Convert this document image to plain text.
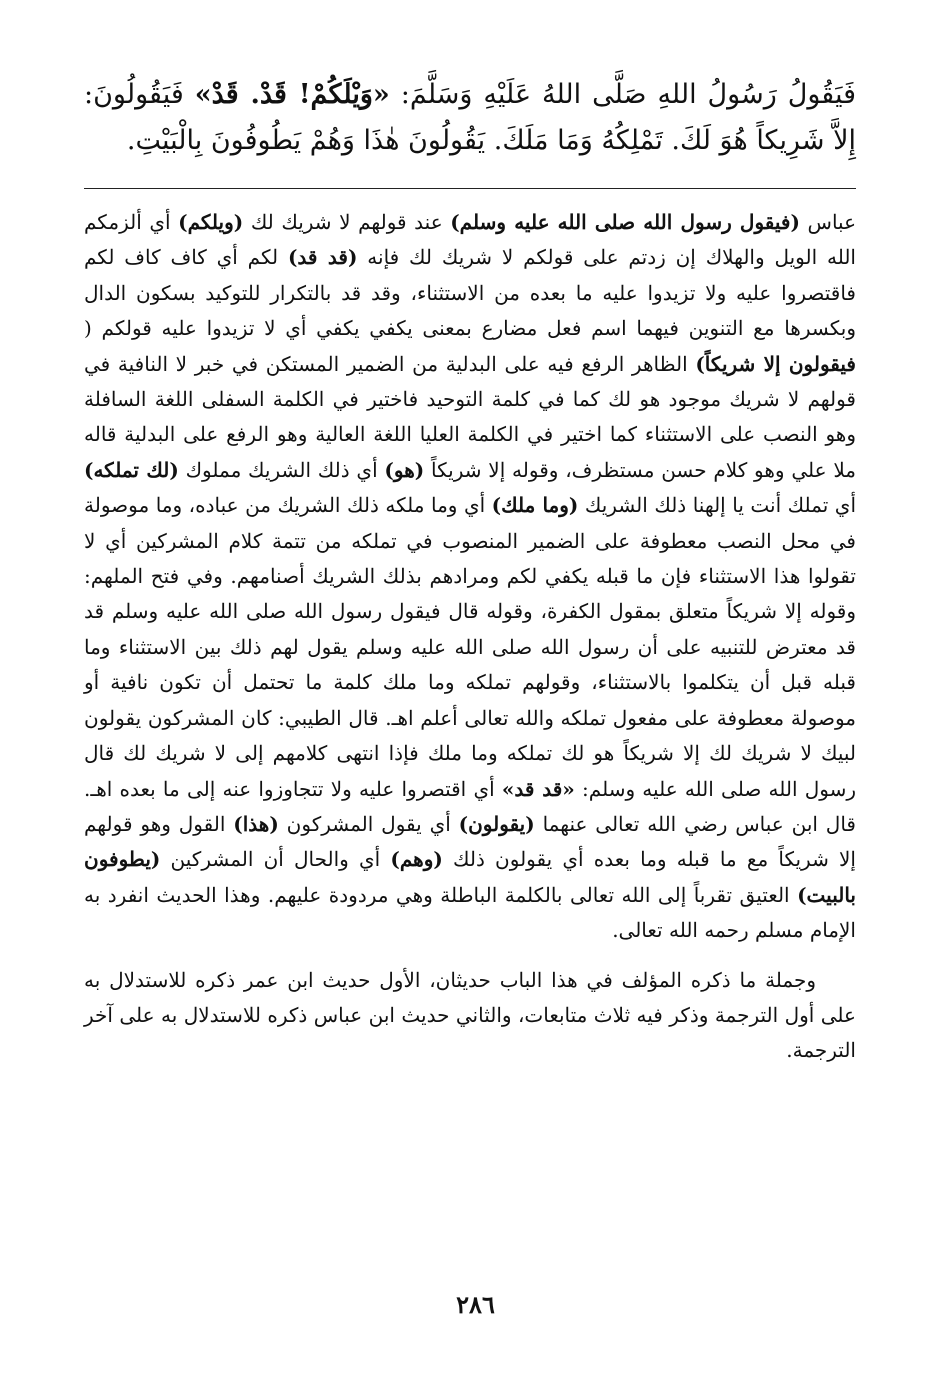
فَيَقُولُ رَسُولُ اللهِ صَلَّى اللهُ عَلَيْهِ وَسَلَّمَ: «وَيْلَكُمْ! قَدْ. قَدْ» فَيَقُولُونَ: إِلاَّ شَرِيكاً هُوَ لَكَ. تَمْلِكُهُ وَمَا مَلَكَ. يَقُولُونَ هٰذَا وَهُمْ يَطُوفُونَ بِالْبَيْتِ.

عباس (فيقول رسول الله صلى الله عليه وسلم) عند قولهم لا شريك لك (ويلكم) أي ألزمكم الله الويل والهلاك إن زدتم على قولكم لا شريك لك فإنه (قد قد) لكم أي كاف كاف لكم فاقتصروا عليه ولا تزيدوا عليه ما بعده من الاستثناء، وقد قد بالتكرار للتوكيد بسكون الدال وبكسرها مع التنوين فيهما اسم فعل مضارع بمعنى يكفي يكفي أي لا تزيدوا عليه قولكم ( فيقولون إلا شريكاً) الظاهر الرفع فيه على البدلية من الضمير المستكن في خبر لا النافية في قولهم لا شريك موجود هو لك كما في كلمة التوحيد فاختير في الكلمة السفلى اللغة السافلة وهو النصب على الاستثناء كما اختير في الكلمة العليا اللغة العالية وهو الرفع على البدلية قاله ملا علي وهو كلام حسن مستظرف، وقوله إلا شريكاً (هو) أي ذلك الشريك مملوك (لك تملكه) أي تملك أنت يا إلهنا ذلك الشريك (وما ملك) أي وما ملكه ذلك الشريك من عباده، وما موصولة في محل النصب معطوفة على الضمير المنصوب في تملكه من تتمة كلام المشركين أي لا تقولوا هذا الاستثناء فإن ما قبله يكفي لكم ومرادهم بذلك الشريك أصنامهم. وفي فتح الملهم: وقوله إلا شريكاً متعلق بمقول الكفرة، وقوله قال فيقول رسول الله صلى الله عليه وسلم قد قد معترض للتنبيه على أن رسول الله صلى الله عليه وسلم يقول لهم ذلك بين الاستثناء وما قبله قبل أن يتكلموا بالاستثناء، وقولهم تملكه وما ملك كلمة ما تحتمل أن تكون نافية أو موصولة معطوفة على مفعول تملكه والله تعالى أعلم اهـ. قال الطيبي: كان المشركون يقولون لبيك لا شريك لك إلا شريكاً هو لك تملكه وما ملك فإذا انتهى كلامهم إلى لا شريك لك قال رسول الله صلى الله عليه وسلم: «قد قد» أي اقتصروا عليه ولا تتجاوزوا عنه إلى ما بعده اهـ. قال ابن عباس رضي الله تعالى عنهما (يقولون) أي يقول المشركون (هذا) القول وهو قولهم إلا شريكاً مع ما قبله وما بعده أي يقولون ذلك (وهم) أي والحال أن المشركين (يطوفون بالبيت) العتيق تقرباً إلى الله تعالى بالكلمة الباطلة وهي مردودة عليهم. وهذا الحديث انفرد به الإمام مسلم رحمه الله تعالى.

وجملة ما ذكره المؤلف في هذا الباب حديثان، الأول حديث ابن عمر ذكره للاستدلال به على أول الترجمة وذكر فيه ثلاث متابعات، والثاني حديث ابن عباس ذكره للاستدلال به على آخر الترجمة.

٢٨٦
